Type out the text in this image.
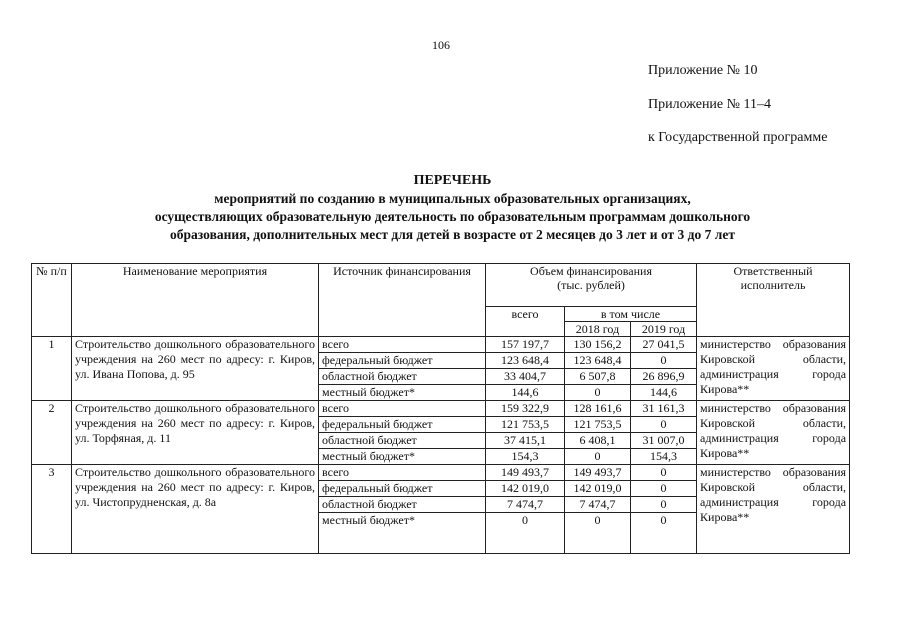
106
Приложение № 10
Приложение № 11–4
к Государственной программе
ПЕРЕЧЕНЬ
мероприятий по созданию в муниципальных образовательных организациях,
осуществляющих образовательную деятельность по образовательным программам дошкольного
образования, дополнительных мест для детей в возрасте от 2 месяцев до 3 лет и от 3 до 7 лет
№ п/п	Наименование мероприятия	Источник финансирования	Объем финансирования (тыс. рублей)			Ответственный исполнитель
			всего	в том числе		
				2018 год	2019 год	
1	Строительство дошкольного образовательного учреждения на 260 мест по адресу: г. Киров, ул. Ивана Попова, д. 95	всего	157 197,7	130 156,2	27 041,5	министерство образования Кировской области, администрация города Кирова**
		федеральный бюджет	123 648,4	123 648,4	0	
		областной бюджет	33 404,7	6 507,8	26 896,9	
		местный бюджет*	144,6	0	144,6	
2	Строительство дошкольного образовательного учреждения на 260 мест по адресу: г. Киров, ул. Торфяная, д. 11	всего	159 322,9	128 161,6	31 161,3	министерство образования Кировской области, администрация города Кирова**
		федеральный бюджет	121 753,5	121 753,5	0	
		областной бюджет	37 415,1	6 408,1	31 007,0	
		местный бюджет*	154,3	0	154,3	
3	Строительство дошкольного образовательного учреждения на 260 мест по адресу: г. Киров, ул. Чистопрудненская, д. 8а	всего	149 493,7	149 493,7	0	министерство образования Кировской области, администрация города Кирова**
		федеральный бюджет	142 019,0	142 019,0	0	
		областной бюджет	7 474,7	7 474,7	0	
		местный бюджет*	0	0	0	
